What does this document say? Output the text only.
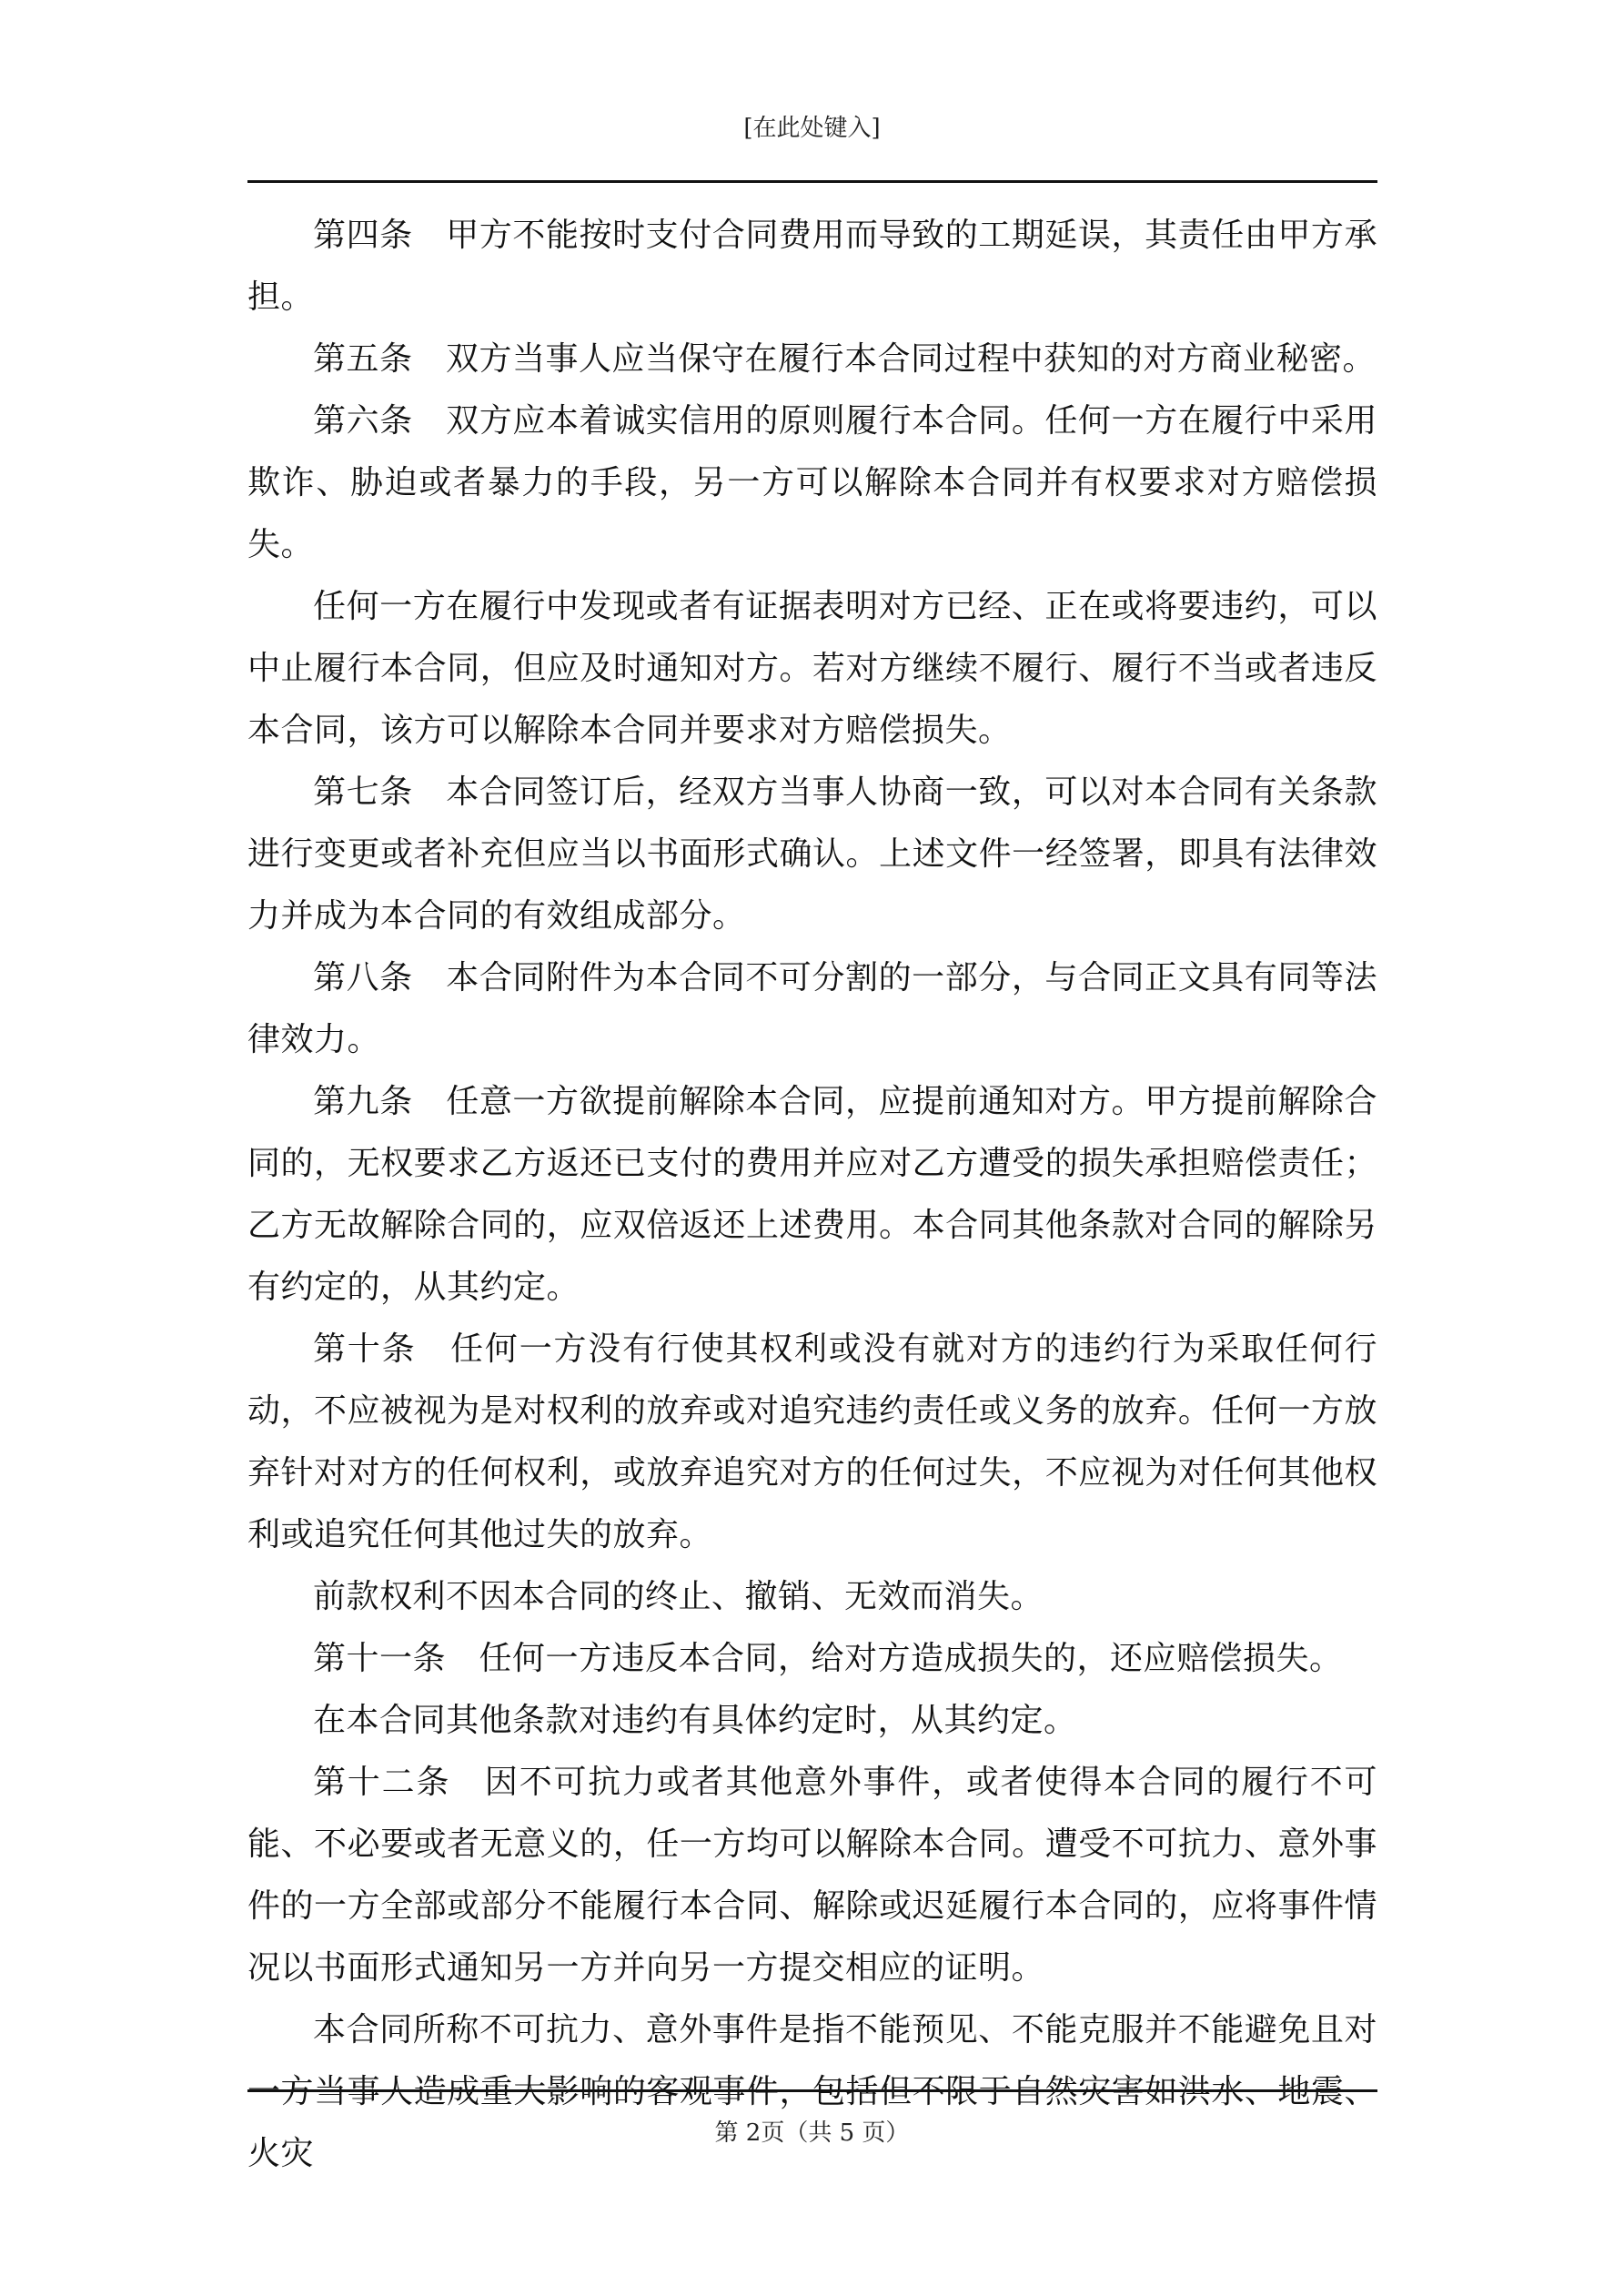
[在此处键入]

第四条　甲方不能按时支付合同费用而导致的工期延误，其责任由甲方承担。

第五条　双方当事人应当保守在履行本合同过程中获知的对方商业秘密。

第六条　双方应本着诚实信用的原则履行本合同。任何一方在履行中采用欺诈、胁迫或者暴力的手段，另一方可以解除本合同并有权要求对方赔偿损失。

任何一方在履行中发现或者有证据表明对方已经、正在或将要违约，可以中止履行本合同，但应及时通知对方。若对方继续不履行、履行不当或者违反本合同，该方可以解除本合同并要求对方赔偿损失。

第七条　本合同签订后，经双方当事人协商一致，可以对本合同有关条款进行变更或者补充但应当以书面形式确认。上述文件一经签署，即具有法律效力并成为本合同的有效组成部分。

第八条　本合同附件为本合同不可分割的一部分，与合同正文具有同等法律效力。

第九条　任意一方欲提前解除本合同，应提前通知对方。甲方提前解除合同的，无权要求乙方返还已支付的费用并应对乙方遭受的损失承担赔偿责任；乙方无故解除合同的，应双倍返还上述费用。本合同其他条款对合同的解除另有约定的，从其约定。

第十条　任何一方没有行使其权利或没有就对方的违约行为采取任何行动，不应被视为是对权利的放弃或对追究违约责任或义务的放弃。任何一方放弃针对对方的任何权利，或放弃追究对方的任何过失，不应视为对任何其他权利或追究任何其他过失的放弃。

前款权利不因本合同的终止、撤销、无效而消失。

第十一条　任何一方违反本合同，给对方造成损失的，还应赔偿损失。

在本合同其他条款对违约有具体约定时，从其约定。

第十二条　因不可抗力或者其他意外事件，或者使得本合同的履行不可能、不必要或者无意义的，任一方均可以解除本合同。遭受不可抗力、意外事件的一方全部或部分不能履行本合同、解除或迟延履行本合同的，应将事件情况以书面形式通知另一方并向另一方提交相应的证明。

本合同所称不可抗力、意外事件是指不能预见、不能克服并不能避免且对一方当事人造成重大影响的客观事件，包括但不限于自然灾害如洪水、地震、火灾

第 2页（共 5 页）
